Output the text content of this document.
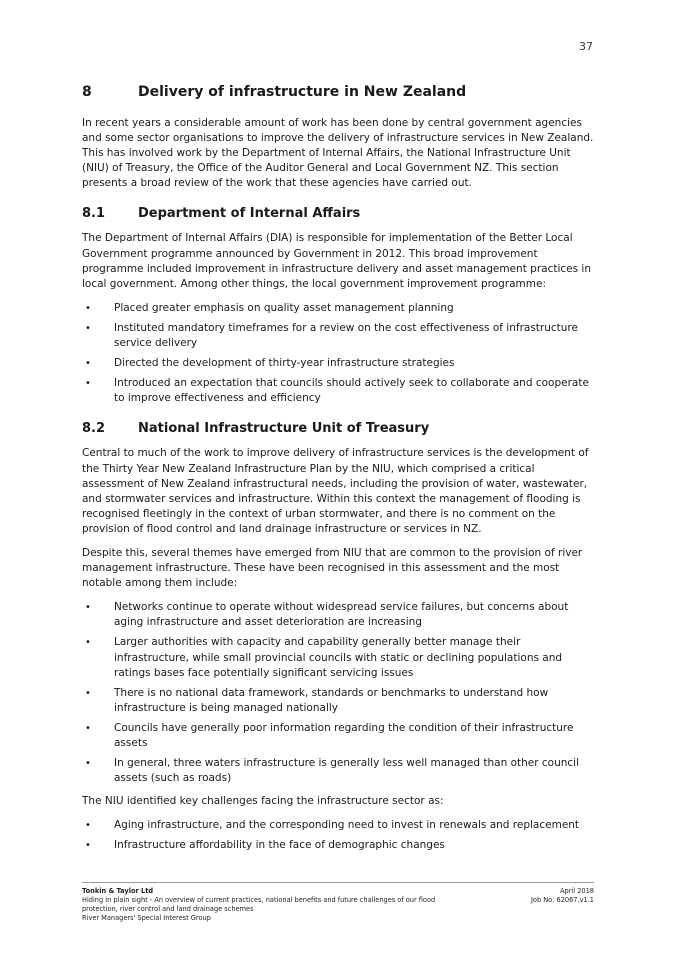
37
8	Delivery of infrastructure in New Zealand

In recent years a considerable amount of work has been done by central government agencies and some sector organisations to improve the delivery of infrastructure services in New Zealand. This has involved work by the Department of Internal Affairs, the National Infrastructure Unit (NIU) of Treasury, the Office of the Auditor General and Local Government NZ. This section presents a broad review of the work that these agencies have carried out.

8.1	Department of Internal Affairs

The Department of Internal Affairs (DIA) is responsible for implementation of the Better Local Government programme announced by Government in 2012. This broad improvement programme included improvement in infrastructure delivery and asset management practices in local government. Among other things, the local government improvement programme:

• Placed greater emphasis on quality asset management planning
• Instituted mandatory timeframes for a review on the cost effectiveness of infrastructure service delivery
• Directed the development of thirty-year infrastructure strategies
• Introduced an expectation that councils should actively seek to collaborate and cooperate to improve effectiveness and efficiency
8.2	National Infrastructure Unit of Treasury

Central to much of the work to improve delivery of infrastructure services is the development of the Thirty Year New Zealand Infrastructure Plan by the NIU, which comprised a critical assessment of New Zealand infrastructural needs, including the provision of water, wastewater, and stormwater services and infrastructure. Within this context the management of flooding is recognised fleetingly in the context of urban stormwater, and there is no comment on the provision of flood control and land drainage infrastructure or services in NZ.

Despite this, several themes have emerged from NIU that are common to the provision of river management infrastructure. These have been recognised in this assessment and the most notable among them include:

• Networks continue to operate without widespread service failures, but concerns about aging infrastructure and asset deterioration are increasing
• Larger authorities with capacity and capability generally better manage their infrastructure, while small provincial councils with static or declining populations and ratings bases face potentially significant servicing issues
• There is no national data framework, standards or benchmarks to understand how infrastructure is being managed nationally
• Councils have generally poor information regarding the condition of their infrastructure assets
• In general, three waters infrastructure is generally less well managed than other council assets (such as roads)

The NIU identified key challenges facing the infrastructure sector as:

• Aging infrastructure, and the corresponding need to invest in renewals and replacement
• Infrastructure affordability in the face of demographic changes
Tonkin & Taylor Ltd
Hiding in plain sight - An overview of current practices, national benefits and future challenges of our flood protection, river control and land drainage schemes
River Managers' Special Interest Group
April 2018
Job No: 62067.v1.1
